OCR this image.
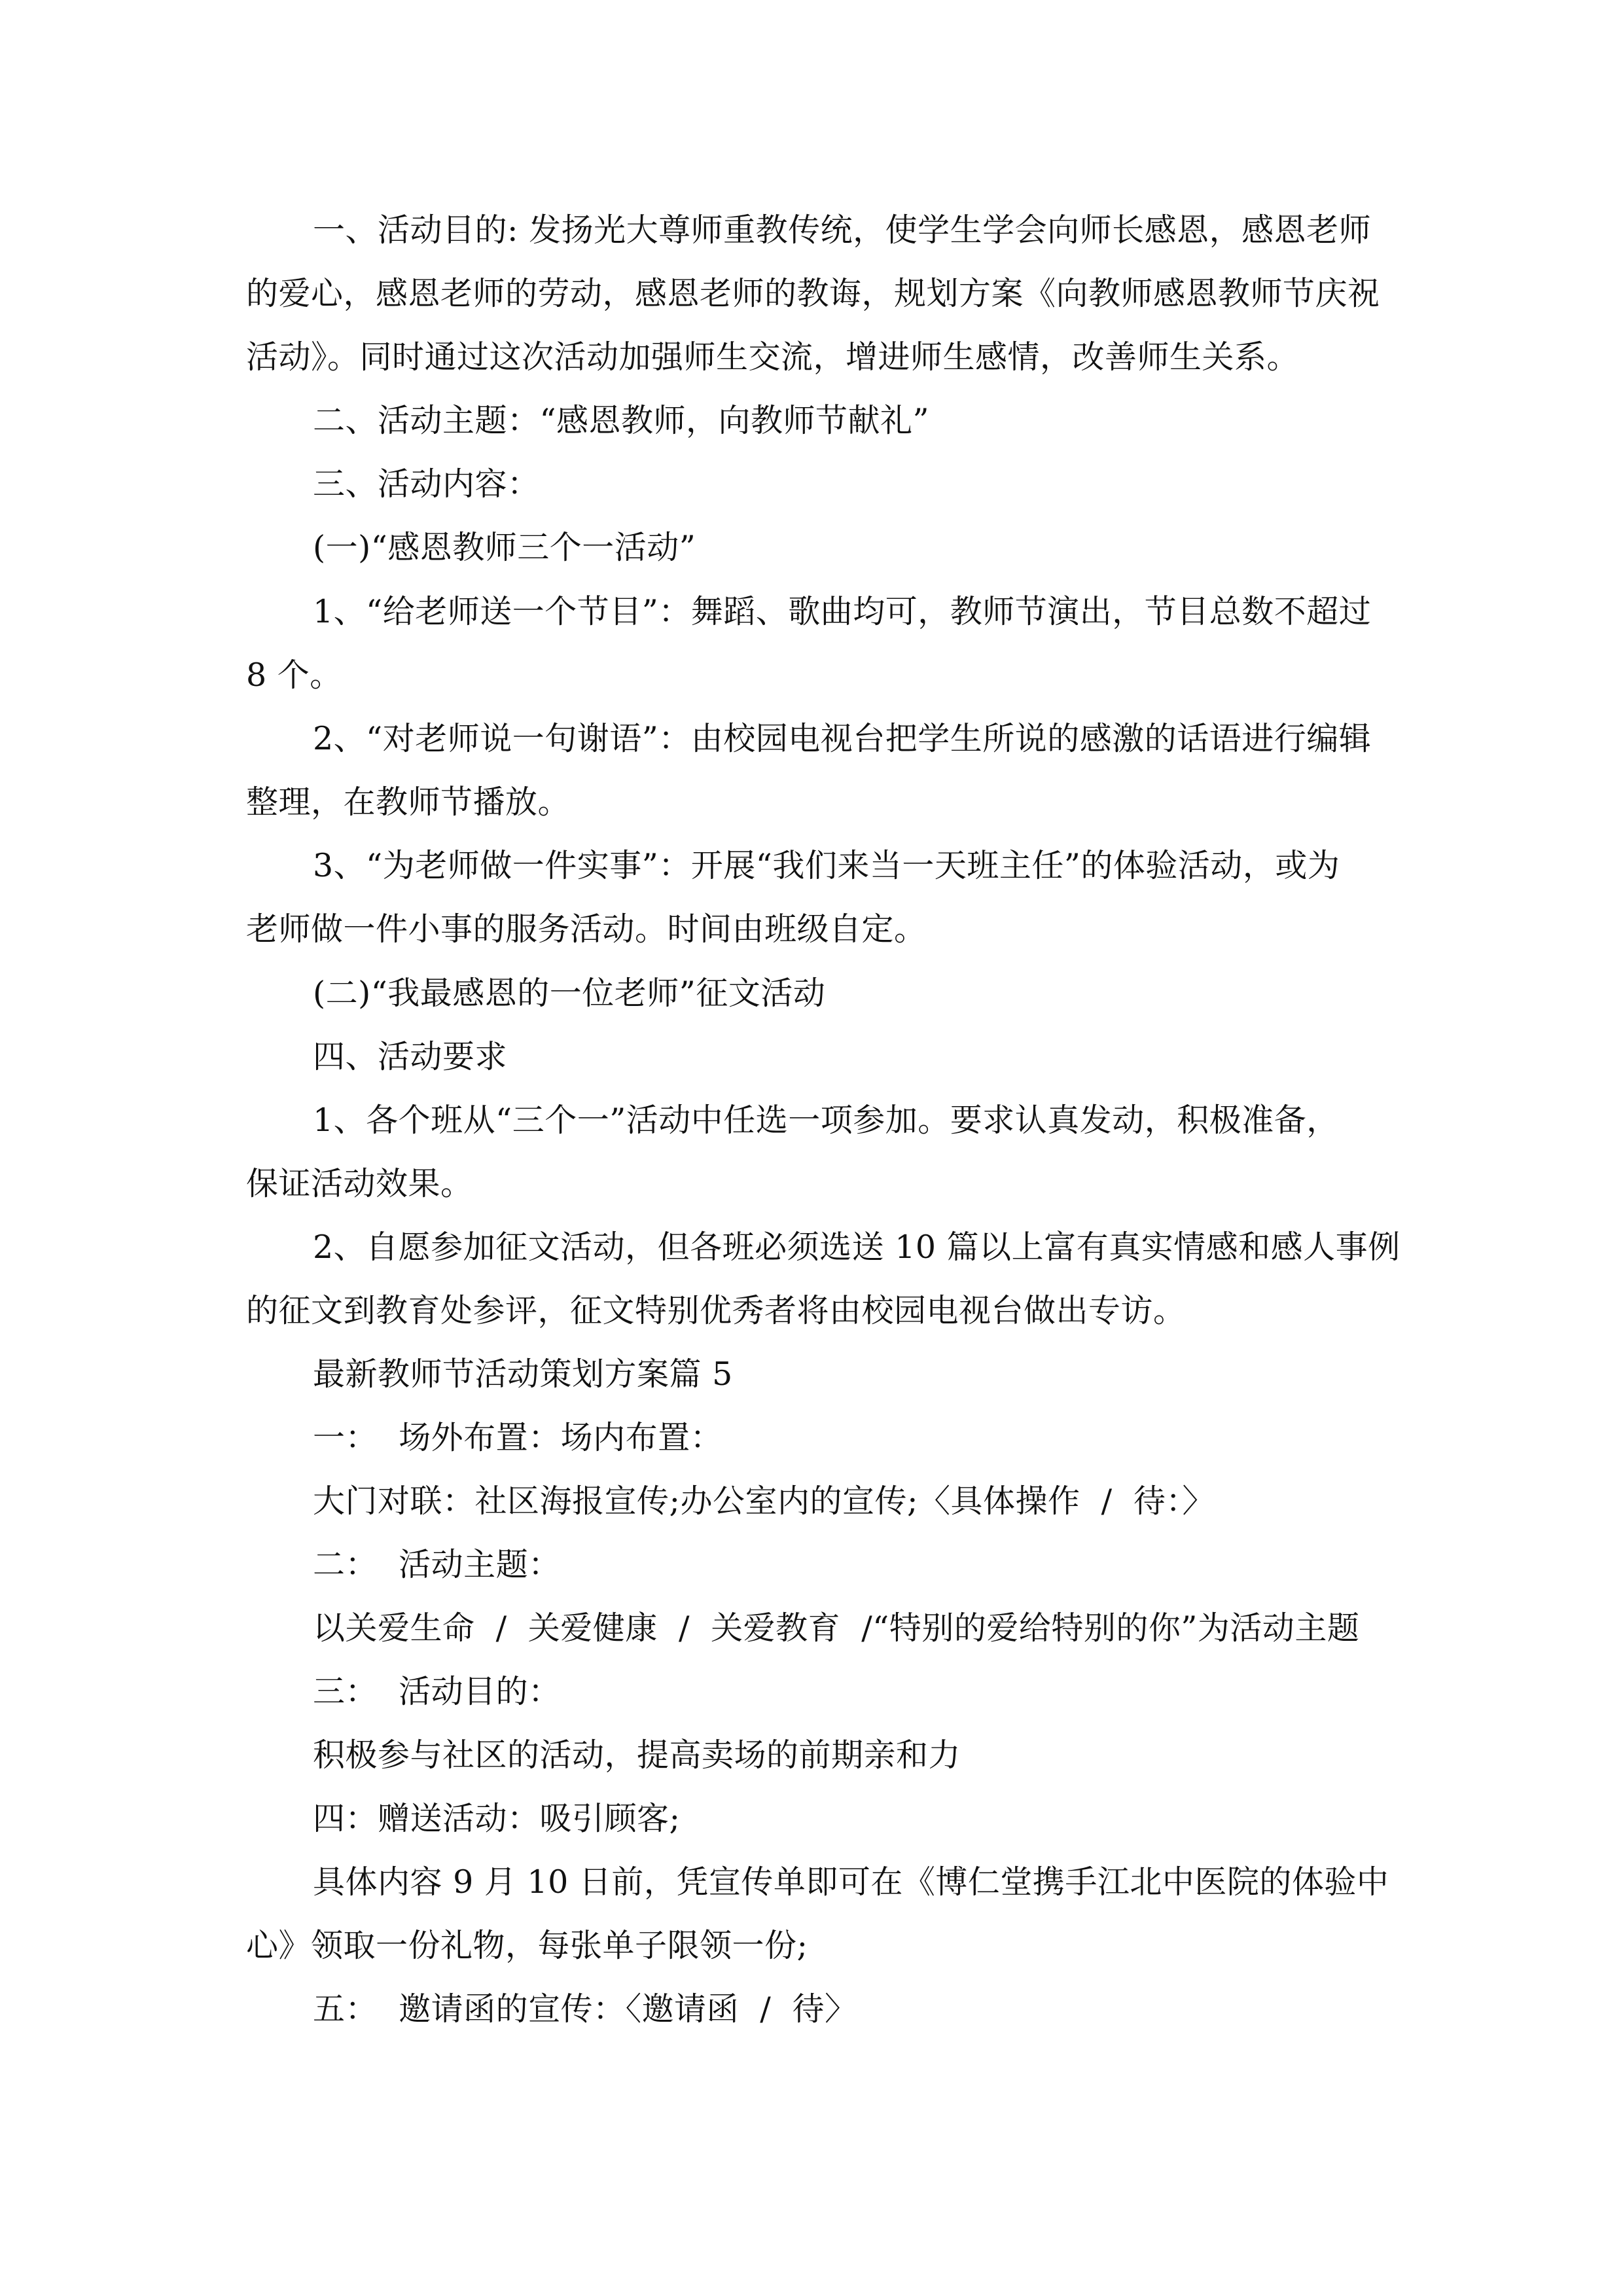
一、活动目的: 发扬光大尊师重教传统，使学生学会向师长感恩，感恩老师
的爱心，感恩老师的劳动，感恩老师的教诲，规划方案《向教师感恩教师节庆祝
活动》。同时通过这次活动加强师生交流，增进师生感情，改善师生关系。
二、活动主题：“感恩教师，向教师节献礼”
三、活动内容：
(一)“感恩教师三个一活动”
1、“给老师送一个节目”：舞蹈、歌曲均可，教师节演出，节目总数不超过
8 个。
2、“对老师说一句谢语”：由校园电视台把学生所说的感激的话语进行编辑
整理，在教师节播放。
3、“为老师做一件实事”：开展“我们来当一天班主任”的体验活动，或为
老师做一件小事的服务活动。时间由班级自定。
(二)“我最感恩的一位老师”征文活动
四、活动要求
1、各个班从“三个一”活动中任选一项参加。要求认真发动，积极准备，
保证活动效果。
2、自愿参加征文活动，但各班必须选送 10 篇以上富有真实情感和感人事例
的征文到教育处参评，征文特别优秀者将由校园电视台做出专访。
最新教师节活动策划方案篇 5
一：  场外布置：场内布置：
大门对联：社区海报宣传;办公室内的宣传;〈具体操作  /  待：〉
二：  活动主题：
以关爱生命  /  关爱健康  /  关爱教育  /“特别的爱给特别的你”为活动主题
三：  活动目的：
积极参与社区的活动，提高卖场的前期亲和力
四：赠送活动：吸引顾客;
具体内容 9 月 10 日前，凭宣传单即可在《博仁堂携手江北中医院的体验中
心》领取一份礼物，每张单子限领一份;
五：  邀请函的宣传：〈邀请函  /  待〉
